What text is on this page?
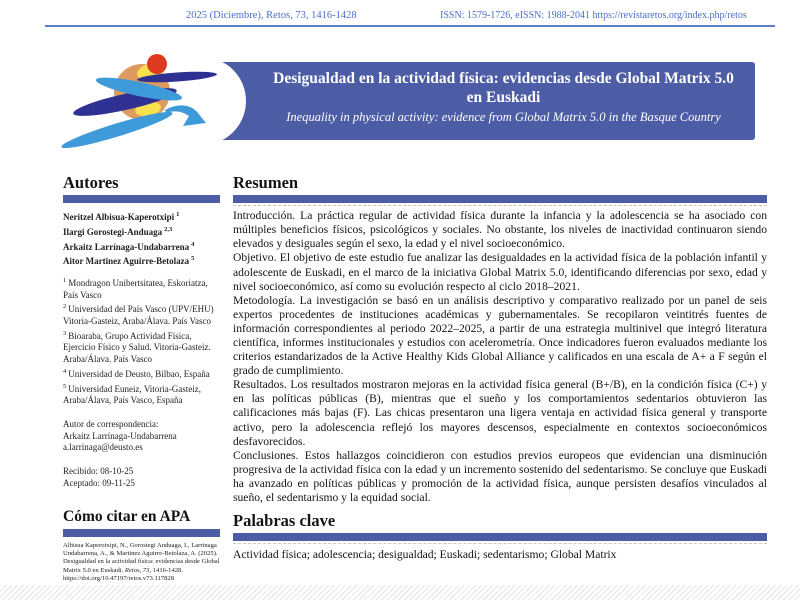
2025 (Diciembre), Retos, 73, 1416-1428	ISSN: 1579-1726, eISSN: 1988-2041 https://revistaretos.org/index.php/retos
Desigualdad en la actividad física: evidencias desde Global Matrix 5.0 en Euskadi
Inequality in physical activity: evidence from Global Matrix 5.0 in the Basque Country
Autores
Neritzel Albisua-Kaperotxipi $^1$
Ilargi Gorostegi-Anduaga $^{2,3}$
Arkaitz Larrínaga-Undabarrena $^4$
Aitor Martinez Aguirre-Betolaza $^5$
$^1$ Mondragon Unibertsitatea, Eskoriatza, País Vasco
$^2$ Universidad del País Vasco (UPV/EHU) Vitoria-Gasteiz, Araba/Álava. País Vasco
$^3$ Bioaraba, Grupo Actividad Física, Ejercicio Físico y Salud. Vitoria-Gasteiz. Araba/Álava. País Vasco
$^4$ Universidad de Deusto, Bilbao, España
$^5$ Universidad Euneiz, Vitoria-Gasteiz, Araba/Álava, País Vasco, España
Autor de correspondencia:
Arkaitz Larrínaga-Undabarrena
a.larrinaga@deusto.es
Recibido: 08-10-25
Aceptado: 09-11-25
Cómo citar en APA
Albisua Kaperotxipi, N., Gorostegi Anduaga, I., Larrinaga Undabarrena, A., & Martinez Aguirre-Betolaza, A. (2025). Desigualdad en la actividad física: evidencias desde Global Matrix 5.0 en Euskadi. Retos, 73, 1416-1428.
https://doi.org/10.47197/retos.v73.117828
Resumen

Introducción. La práctica regular de actividad física durante la infancia y la adolescencia se ha asociado con múltiples beneficios físicos, psicológicos y sociales. No obstante, los niveles de inactividad continuaron siendo elevados y desiguales según el sexo, la edad y el nivel socioeconómico.

Objetivo. El objetivo de este estudio fue analizar las desigualdades en la actividad física de la población infantil y adolescente de Euskadi, en el marco de la iniciativa Global Matrix 5.0, identificando diferencias por sexo, edad y nivel socioeconómico, así como su evolución respecto al ciclo 2018–2021.

Metodología. La investigación se basó en un análisis descriptivo y comparativo realizado por un panel de seis expertos procedentes de instituciones académicas y gubernamentales. Se recopilaron veintitrés fuentes de información correspondientes al periodo 2022–2025, a partir de una estrategia multinivel que integró literatura científica, informes institucionales y estudios con acelerometría. Once indicadores fueron evaluados mediante los criterios estandarizados de la Active Healthy Kids Global Alliance y calificados en una escala de A+ a F según el grado de cumplimiento.

Resultados. Los resultados mostraron mejoras en la actividad física general (B+/B), en la condición física (C+) y en las políticas públicas (B), mientras que el sueño y los comportamientos sedentarios obtuvieron las calificaciones más bajas (F). Las chicas presentaron una ligera ventaja en actividad física general y transporte activo, pero la adolescencia reflejó los mayores descensos, especialmente en contextos socioeconómicos desfavorecidos.

Conclusiones. Estos hallazgos coincidieron con estudios previos europeos que evidencian una disminución progresiva de la actividad física con la edad y un incremento sostenido del sedentarismo. Se concluye que Euskadi ha avanzado en políticas públicas y promoción de la actividad física, aunque persisten desafíos vinculados al sueño, el sedentarismo y la equidad social.

Palabras clave
Actividad física; adolescencia; desigualdad; Euskadi; sedentarismo; Global Matrix
